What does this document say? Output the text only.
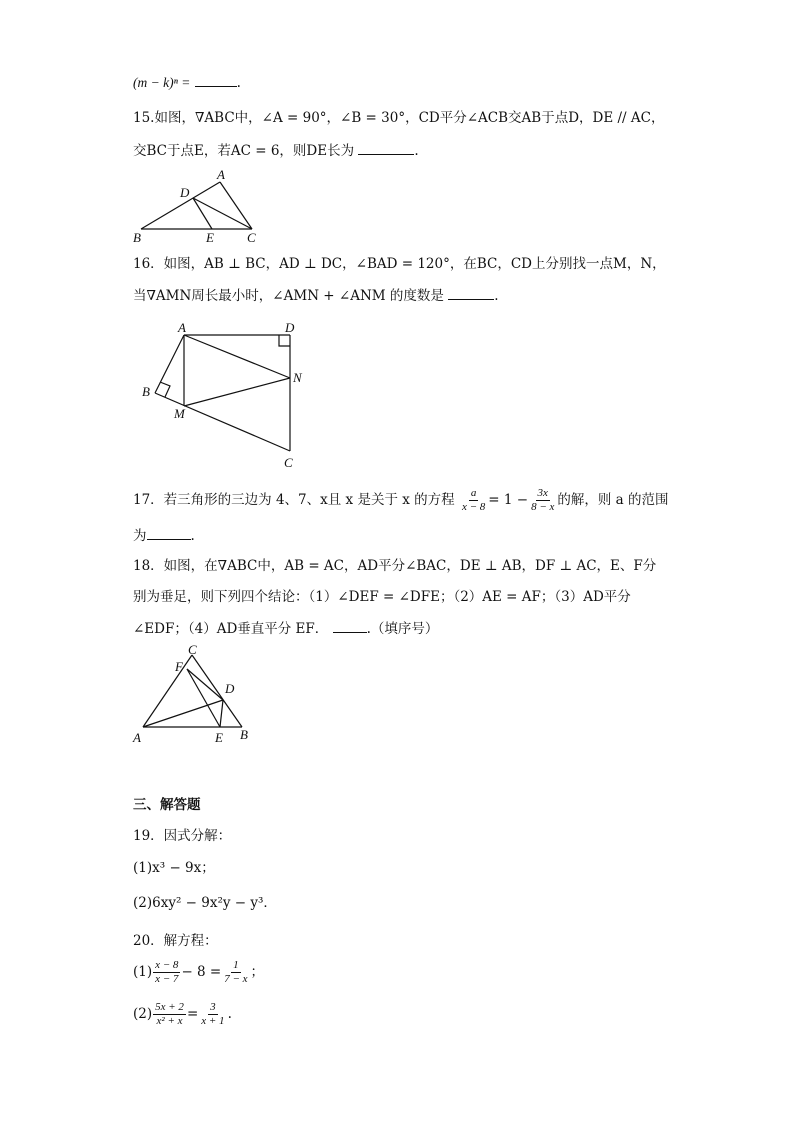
(m − k)ⁿ =	.
15.如图，∇ABC中，∠A = 90°，∠B = 30°，CD平分∠ACB交AB于点D，DE // AC，
交BC于点E，若AC = 6，则DE长为	.
A
D
B	E	C
16．如图，AB ⊥ BC，AD ⊥ DC，∠BAD = 120°，在BC，CD上分别找一点M，N，
当∇AMN周长最小时，∠AMN + ∠ANM 的度数是	.
A	D
N
B
M
C
17．若三角形的三边为 4、7、x且 x 是关于 x 的方程 $\frac{a}{x - 8} = 1 - \frac{3x}{8 - x}$ 的解，则 a 的范围
为	.
18．如图，在∇ABC中，AB = AC，AD平分∠BAC，DE ⊥ AB，DF ⊥ AC，E、F分
别为垂足，则下列四个结论：（1）∠DEF = ∠DFE；（2）AE = AF；（3）AD平分
∠EDF；（4）AD垂直平分 EF．	.（填序号）
C
F
D
A	E B
三、解答题
19．因式分解：
(1)x³ − 9x；
(2)6xy² − 9x²y − y³．
20．解方程：
$(1) \frac{x - 8}{x - 7} - 8 = \frac{1}{7 - x}$ ；
$(2) \frac{5x + 2}{\text{x² + x}} = \frac{3}{x + 1}$ .
